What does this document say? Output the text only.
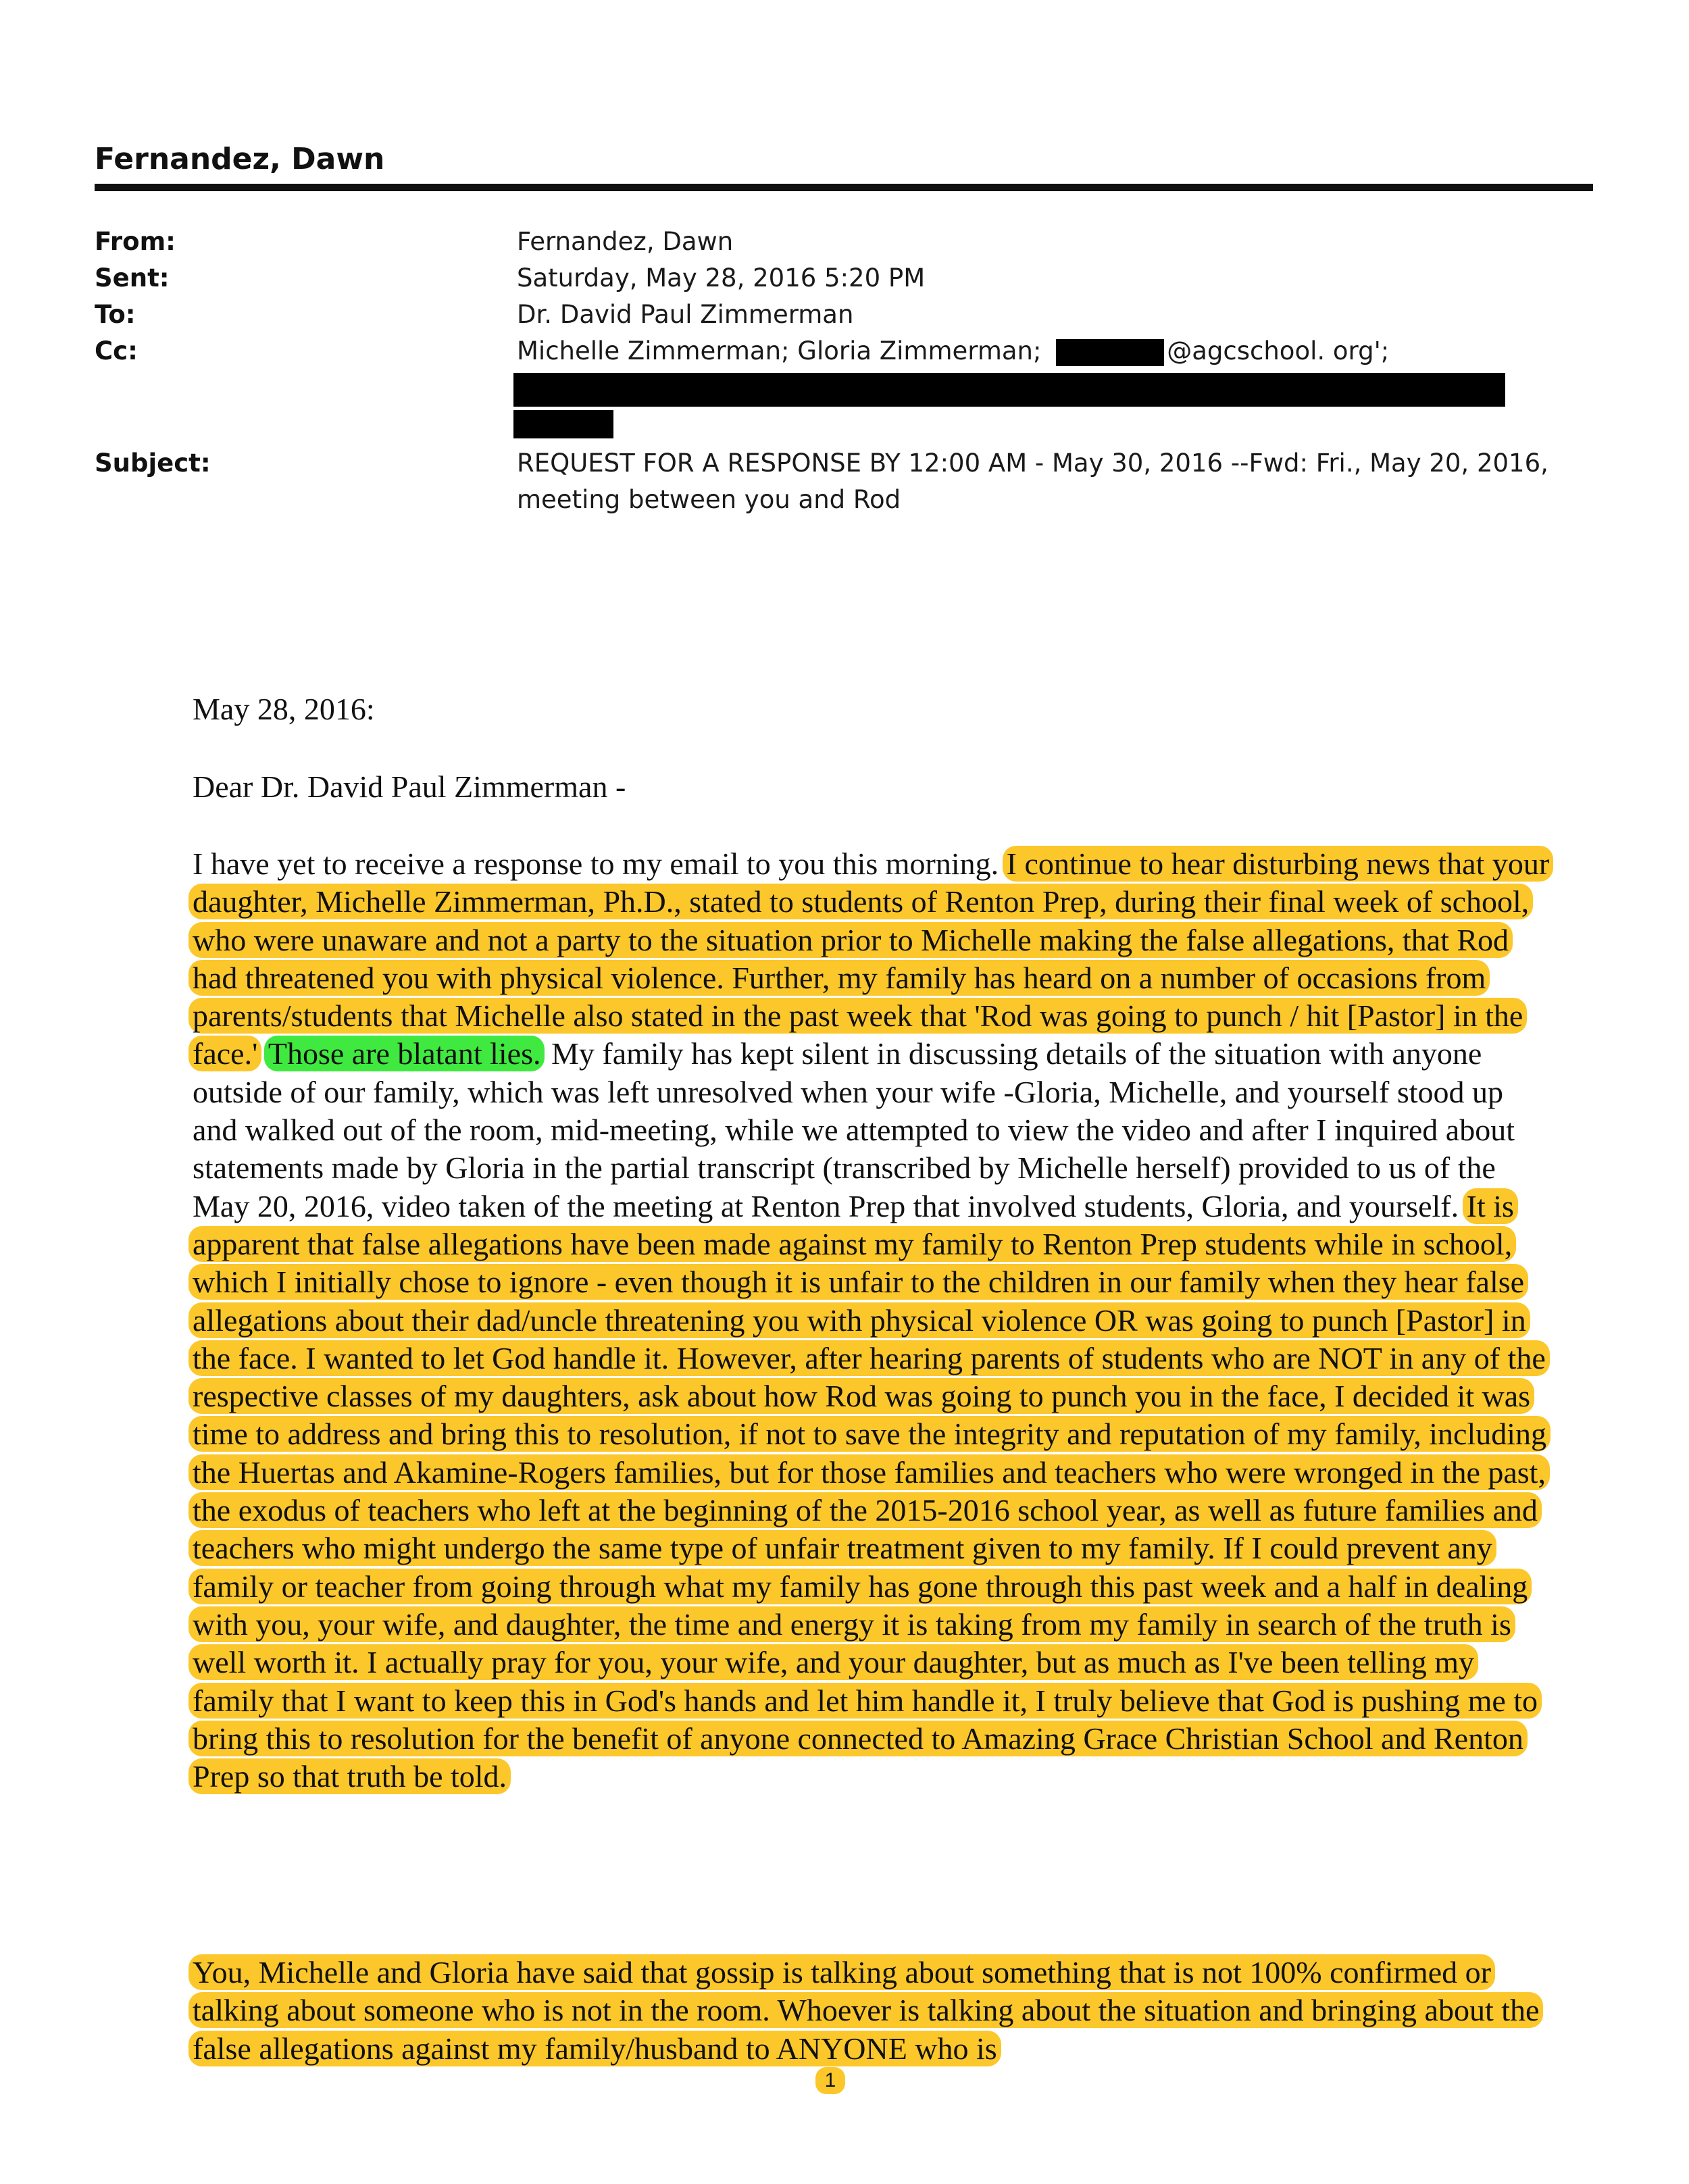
Fernandez, Dawn
From:	Fernandez, Dawn
Sent:	Saturday, May 28, 2016 5:20 PM
To:	Dr. David Paul Zimmerman
Cc:	Michelle Zimmerman; Gloria Zimmerman;	@agcschool. org';
Subject:	REQUEST FOR A RESPONSE BY 12:00 AM - May 30, 2016 --Fwd: Fri., May 20, 2016,
meeting between you and Rod
May 28, 2016:
Dear Dr. David Paul Zimmerman -
I have yet to receive a response to my email to you this morning. I continue to hear disturbing news that your daughter, Michelle Zimmerman, Ph.D., stated to students of Renton Prep, during their final week of school, who were unaware and not a party to the situation prior to Michelle making the false allegations, that Rod had threatened you with physical violence. Further, my family has heard on a number of occasions from parents/students that Michelle also stated in the past week that 'Rod was going to punch / hit [Pastor] in the face.' Those are blatant lies. My family has kept silent in discussing details of the situation with anyone outside of our family, which was left unresolved when your wife -Gloria, Michelle, and yourself stood up and walked out of the room, mid-meeting, while we attempted to view the video and after I inquired about statements made by Gloria in the partial transcript (transcribed by Michelle herself) provided to us of the May 20, 2016, video taken of the meeting at Renton Prep that involved students, Gloria, and yourself. It is apparent that false allegations have been made against my family to Renton Prep students while in school, which I initially chose to ignore - even though it is unfair to the children in our family when they hear false allegations about their dad/uncle threatening you with physical violence OR was going to punch [Pastor] in the face. I wanted to let God handle it. However, after hearing parents of students who are NOT in any of the respective classes of my daughters, ask about how Rod was going to punch you in the face, I decided it was time to address and bring this to resolution, if not to save the integrity and reputation of my family, including the Huertas and Akamine-Rogers families, but for those families and teachers who were wronged in the past, the exodus of teachers who left at the beginning of the 2015-2016 school year, as well as future families and teachers who might undergo the same type of unfair treatment given to my family. If I could prevent any family or teacher from going through what my family has gone through this past week and a half in dealing with you, your wife, and daughter, the time and energy it is taking from my family in search of the truth is well worth it. I actually pray for you, your wife, and your daughter, but as much as I've been telling my family that I want to keep this in God's hands and let him handle it, I truly believe that God is pushing me to bring this to resolution for the benefit of anyone connected to Amazing Grace Christian School and Renton Prep so that truth be told.
You, Michelle and Gloria have said that gossip is talking about something that is not 100% confirmed or talking about someone who is not in the room. Whoever is talking about the situation and bringing about the false allegations against my family/husband to ANYONE who is
1
